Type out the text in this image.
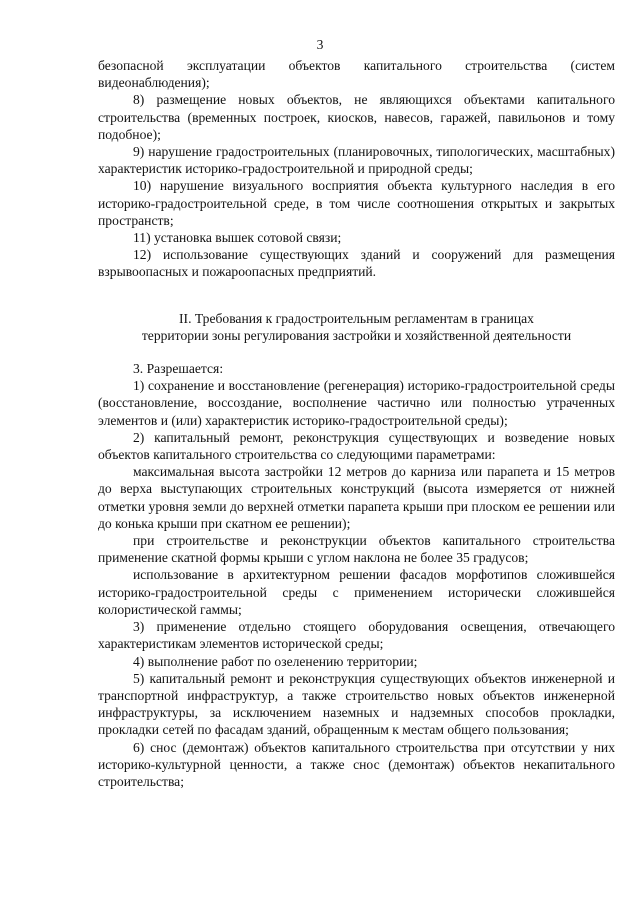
3

безопасной эксплуатации объектов капитального строительства (систем видеонаблюдения);

8) размещение новых объектов, не являющихся объектами капитального строительства (временных построек, киосков, навесов, гаражей, павильонов и тому подобное);

9) нарушение градостроительных (планировочных, типологических, масштабных) характеристик историко-градостроительной и природной среды;

10) нарушение визуального восприятия объекта культурного наследия в его историко-градостроительной среде, в том числе соотношения открытых и закрытых пространств;

11) установка вышек сотовой связи;

12) использование существующих зданий и сооружений для размещения взрывоопасных и пожароопасных предприятий.

II. Требования к градостроительным регламентам в границах

территории зоны регулирования застройки и хозяйственной деятельности

3. Разрешается:

1) сохранение и восстановление (регенерация) историко-градостроительной среды (восстановление, воссоздание, восполнение частично или полностью утраченных элементов и (или) характеристик историко-градостроительной среды);

2) капитальный ремонт, реконструкция существующих и возведение новых объектов капитального строительства со следующими параметрами:

максимальная высота застройки 12 метров до карниза или парапета и 15 метров до верха выступающих строительных конструкций (высота измеряется от нижней отметки уровня земли до верхней отметки парапета крыши при плоском ее решении или до конька крыши при скатном ее решении);

при строительстве и реконструкции объектов капитального строительства применение скатной формы крыши с углом наклона не более 35 градусов;

использование в архитектурном решении фасадов морфотипов сложившейся историко-градостроительной среды с применением исторически сложившейся колористической гаммы;

3) применение отдельно стоящего оборудования освещения, отвечающего характеристикам элементов исторической среды;

4) выполнение работ по озеленению территории;

5) капитальный ремонт и реконструкция существующих объектов инженерной и транспортной инфраструктур, а также строительство новых объектов инженерной инфраструктуры, за исключением наземных и надземных способов прокладки, прокладки сетей по фасадам зданий, обращенным к местам общего пользования;

6) снос (демонтаж) объектов капитального строительства при отсутствии у них историко-культурной ценности, а также снос (демонтаж) объектов некапитального строительства;
